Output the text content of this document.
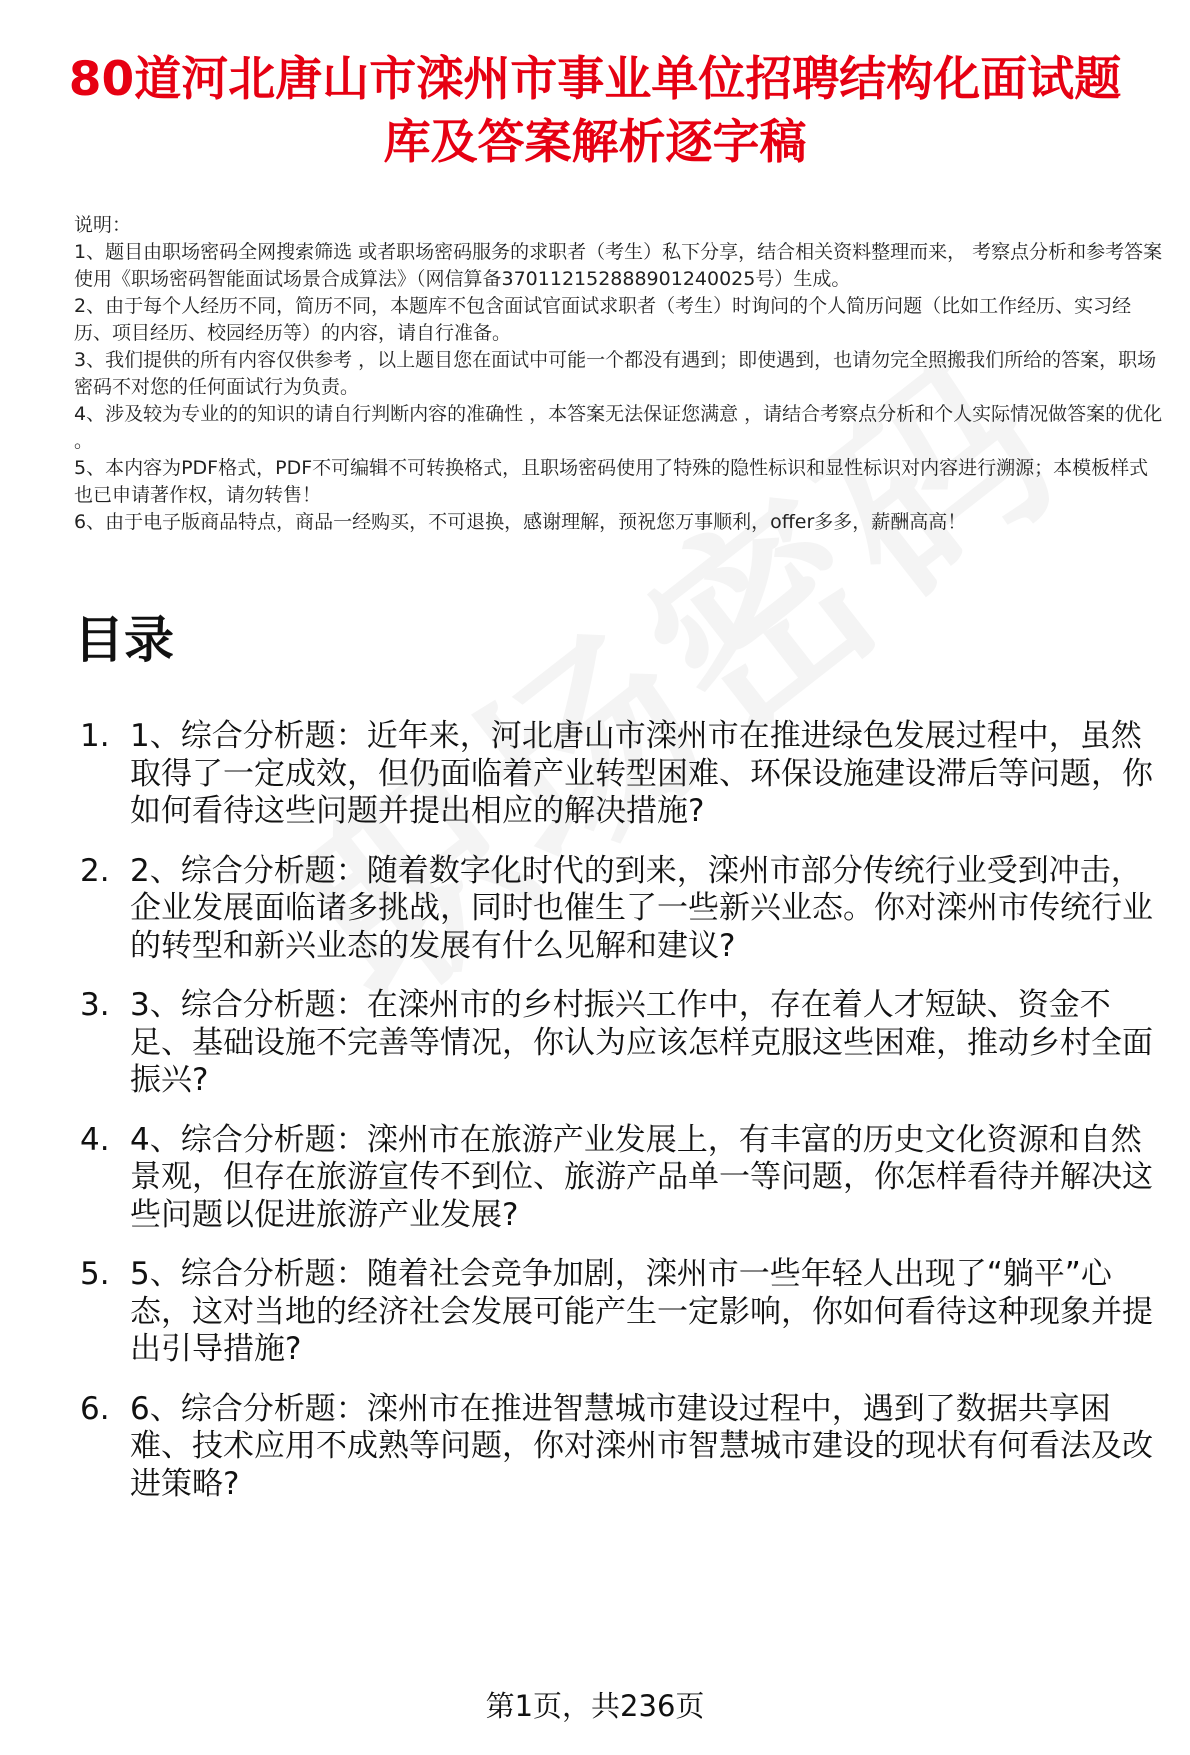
80道河北唐山市滦州市事业单位招聘结构化面试题库及答案解析逐字稿

说明：

1、题目由职场密码全网搜索筛选 或者职场密码服务的求职者（考生）私下分享，结合相关资料整理而来， 考察点分析和参考答案使用《职场密码智能面试场景合成算法》（网信算备370112152888901240025号）生成。

2、由于每个人经历不同，简历不同，本题库不包含面试官面试求职者（考生）时询问的个人简历问题（比如工作经历、实习经历、项目经历、校园经历等）的内容，请自行准备。

3、我们提供的所有内容仅供参考 ，以上题目您在面试中可能一个都没有遇到；即使遇到，也请勿完全照搬我们所给的答案，职场密码不对您的任何面试行为负责。

4、涉及较为专业的的知识的请自行判断内容的准确性 ，本答案无法保证您满意 ，请结合考察点分析和个人实际情况做答案的优化 。

5、本内容为PDF格式，PDF不可编辑不可转换格式，且职场密码使用了特殊的隐性标识和显性标识对内容进行溯源；本模板样式也已申请著作权，请勿转售！

6、由于电子版商品特点，商品一经购买，不可退换，感谢理解，预祝您万事顺利，offer多多，薪酬高高！

目录
1. 1、综合分析题：近年来，河北唐山市滦州市在推进绿色发展过程中，虽然取得了一定成效，但仍面临着产业转型困难、环保设施建设滞后等问题，你如何看待这些问题并提出相应的解决措施?
2. 2、综合分析题：随着数字化时代的到来，滦州市部分传统行业受到冲击，企业发展面临诸多挑战，同时也催生了一些新兴业态。你对滦州市传统行业的转型和新兴业态的发展有什么见解和建议?
3. 3、综合分析题：在滦州市的乡村振兴工作中，存在着人才短缺、资金不足、基础设施不完善等情况，你认为应该怎样克服这些困难，推动乡村全面振兴?
4. 4、综合分析题：滦州市在旅游产业发展上，有丰富的历史文化资源和自然景观，但存在旅游宣传不到位、旅游产品单一等问题，你怎样看待并解决这些问题以促进旅游产业发展?
5. 5、综合分析题：随着社会竞争加剧，滦州市一些年轻人出现了“躺平”心态，这对当地的经济社会发展可能产生一定影响，你如何看待这种现象并提出引导措施?
6. 6、综合分析题：滦州市在推进智慧城市建设过程中，遇到了数据共享困难、技术应用不成熟等问题，你对滦州市智慧城市建设的现状有何看法及改进策略?
第1页，共236页
